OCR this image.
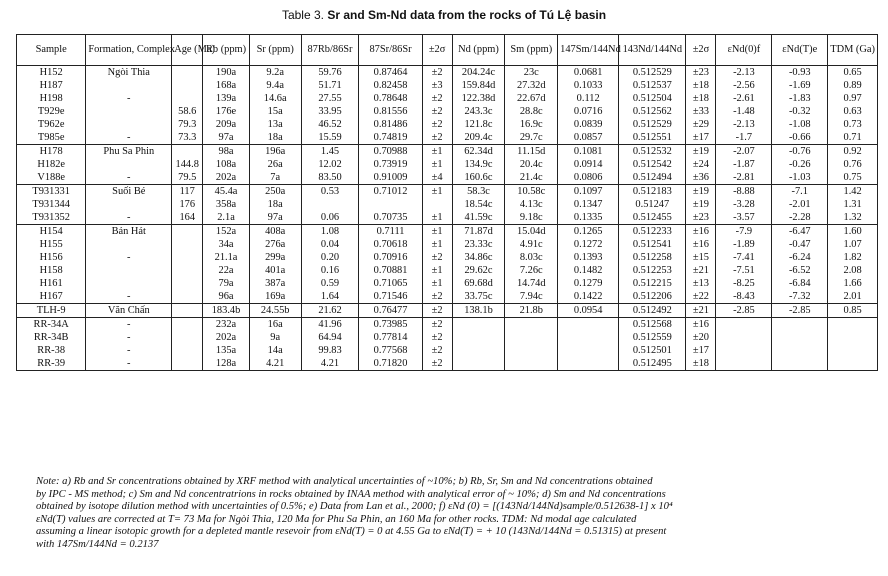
Table 3. Sr and Sm-Nd data from the rocks of Tú Lệ basin
Sample	Formation, Complex	Age (Ma)	Rb (ppm)	Sr (ppm)	87Rb/86Sr	87Sr/86Sr	±2σ	Nd (ppm)	Sm (ppm)	147Sm/144Nd	143Nd/144Nd	±2σ	εNd(0)f	εNd(T)e	TDM (Ga)
H152	Ngòi Thia		190a	9.2a	59.76	0.87464	±2	204.24c	23c	0.0681	0.512529	±23	-2.13	-0.93	0.65
H187			168a	9.4a	51.71	0.82458	±3	159.84d	27.32d	0.1033	0.512537	±18	-2.56	-1.69	0.89
H198	-		139a	14.6a	27.55	0.78648	±2	122.38d	22.67d	0.112	0.512504	±18	-2.61	-1.83	0.97
T929e		58.6	176e	15a	33.95	0.81556	±2	243.3c	28.8c	0.0716	0.512562	±33	-1.48	-0.32	0.63
T962e		79.3	209a	13a	46.52	0.81486	±2	121.8c	16.9c	0.0839	0.512529	±29	-2.13	-1.08	0.73
T985e	-	73.3	97a	18a	15.59	0.74819	±2	209.4c	29.7c	0.0857	0.512551	±17	-1.7	-0.66	0.71
H178	Phu Sa Phin		98a	196a	1.45	0.70988	±1	62.34d	11.15d	0.1081	0.512532	±19	-2.07	-0.76	0.92
H182e		144.8	108a	26a	12.02	0.73919	±1	134.9c	20.4c	0.0914	0.512542	±24	-1.87	-0.26	0.76
V188e	-	79.5	202a	7a	83.50	0.91009	±4	160.6c	21.4c	0.0806	0.512494	±36	-2.81	-1.03	0.75
T931331	Suối Bé	117	45.4a	250a	0.53	0.71012	±1	58.3c	10.58c	0.1097	0.512183	±19	-8.88	-7.1	1.42
T931344		176	358a	18a				18.54c	4.13c	0.1347	0.51247	±19	-3.28	-2.01	1.31
T931352	-	164	2.1a	97a	0.06	0.70735	±1	41.59c	9.18c	0.1335	0.512455	±23	-3.57	-2.28	1.32
H154	Bản Hát		152a	408a	1.08	0.7111	±1	71.87d	15.04d	0.1265	0.512233	±16	-7.9	-6.47	1.60
H155			34a	276a	0.04	0.70618	±1	23.33c	4.91c	0.1272	0.512541	±16	-1.89	-0.47	1.07
H156	-		21.1a	299a	0.20	0.70916	±2	34.86c	8.03c	0.1393	0.512258	±15	-7.41	-6.24	1.82
H158			22a	401a	0.16	0.70881	±1	29.62c	7.26c	0.1482	0.512253	±21	-7.51	-6.52	2.08
H161			79a	387a	0.59	0.71065	±1	69.68d	14.74d	0.1279	0.512215	±13	-8.25	-6.84	1.66
H167	-		96a	169a	1.64	0.71546	±2	33.75c	7.94c	0.1422	0.512206	±22	-8.43	-7.32	2.01
TLH-9	Văn Chấn		183.4b	24.55b	21.62	0.76477	±2	138.1b	21.8b	0.0954	0.512492	±21	-2.85	-2.85	0.85
RR-34A	-		232a	16a	41.96	0.73985	±2				0.512568	±16			
RR-34B	-		202a	9a	64.94	0.77814	±2				0.512559	±20			
RR-38	-		135a	14a	99.83	0.77568	±2				0.512501	±17			
RR-39	-		128a	4.21	4.21	0.71820	±2				0.512495	±18			
Note: a) Rb and Sr concentrations obtained by XRF method with analytical uncertainties of ~10%; b) Rb, Sr, Sm and Nd concentrations obtained
by IPC - MS method; c) Sm and Nd concentratrions in rocks obtained by INAA method with analytical error of ~ 10%; d) Sm and Nd concentrations
obtained by isotope dilution method with uncertainties of 0.5%; e) Data from Lan et al., 2000; f) εNd (0) = [(143Nd/144Nd)sample/0.512638-1] x 10⁴
εNd(T) values are corrected at T= 73 Ma for Ngòi Thia, 120 Ma for Phu Sa Phin, an 160 Ma for other rocks. TDM: Nd modal age calculated
assuming a linear isotopic growth for a depleted mantle resevoir from εNd(T) = 0 at 4.55 Ga to εNd(T) = + 10 (143Nd/144Nd = 0.51315) at present
with 147Sm/144Nd = 0.2137
